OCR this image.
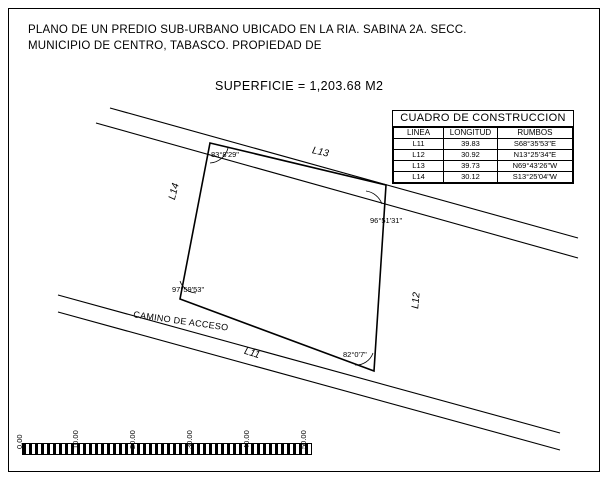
PLANO DE UN PREDIO SUB-URBANO UBICADO EN LA RIA. SABINA 2A. SECC.
MUNICIPIO DE CENTRO, TABASCO. PROPIEDAD DE
SUPERFICIE = 1,203.68 M2
L13
L14
L12
L11
83°8'29"
96°51'31"
97°59'53"
82°0'7"
CAMINO DE ACCESO
CUADRO DE CONSTRUCCION
LINEA	LONGITUD	RUMBOS
L11	39.83	S68°35'53"E
L12	30.92	N13°25'34"E
L13	39.73	N69°43'26"W
L14	30.12	S13°25'04"W
0.00	10.00	20.00	30.00	40.00	50.00
